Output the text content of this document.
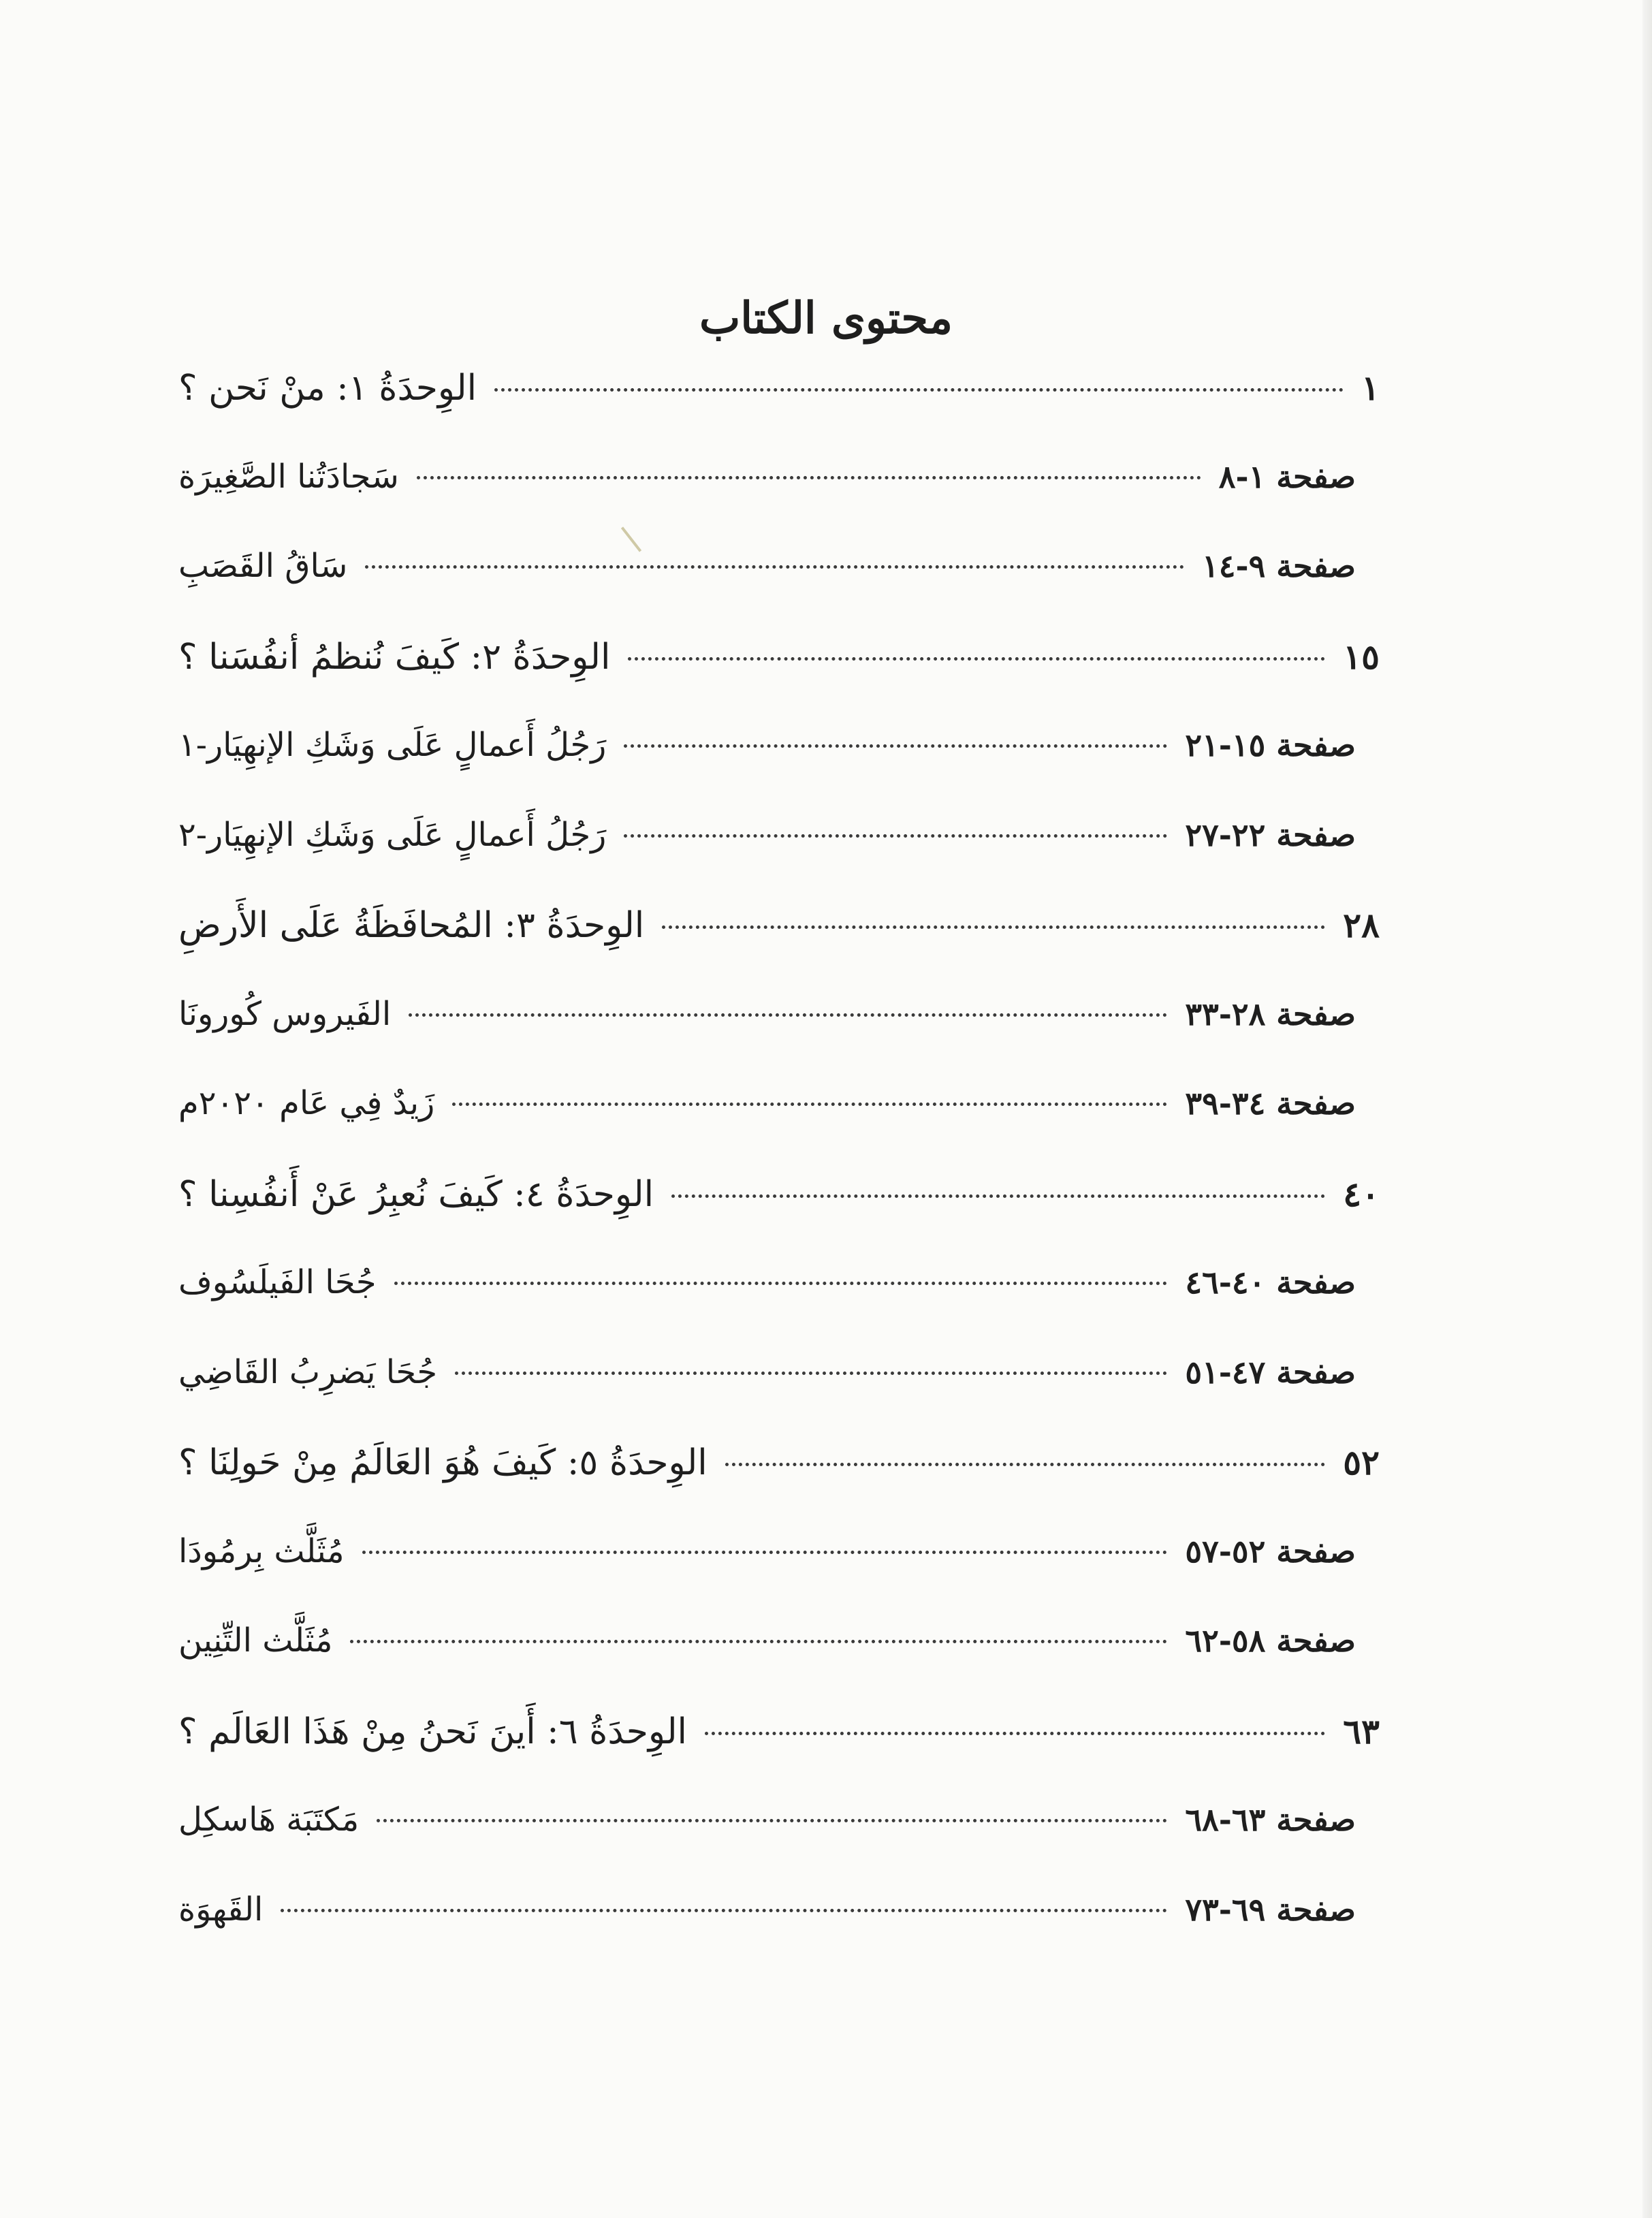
محتوى الكتاب
الوِحدَةُ ١: منْ نَحن ؟	١
سَجادَتُنا الصَّغِيرَة	صفحة ١-٨
سَاقُ القَصَبِ	صفحة ٩-١٤
الوِحدَةُ ٢: كَيفَ نُنظمُ أنفُسَنا ؟	١٥
رَجُلُ أَعمالٍ عَلَى وَشَكِ الإنهِيَار-١	صفحة ١٥-٢١
رَجُلُ أَعمالٍ عَلَى وَشَكِ الإنهِيَار-٢	صفحة ٢٢-٢٧
الوِحدَةُ ٣: المُحافَظَةُ عَلَى الأَرضِ	٢٨
الفَيروس كُورونَا	صفحة ٢٨-٣٣
زَيدٌ فِي عَام ٢٠٢٠م	صفحة ٣٤-٣٩
الوِحدَةُ ٤: كَيفَ نُعبِرُ عَنْ أَنفُسِنا ؟	٤٠
جُحَا الفَيلَسُوف	صفحة ٤٠-٤٦
جُحَا يَضرِبُ القَاضِي	صفحة ٤٧-٥١
الوِحدَةُ ٥: كَيفَ هُوَ العَالَمُ مِنْ حَولِنَا ؟	٥٢
مُثَلَّث بِرمُودَا	صفحة ٥٢-٥٧
مُثَلَّث التِّنِين	صفحة ٥٨-٦٢
الوِحدَةُ ٦: أَينَ نَحنُ مِنْ هَذَا العَالَم ؟	٦٣
مَكتَبَة هَاسكِل	صفحة ٦٣-٦٨
القَهوَة	صفحة ٦٩-٧٣
